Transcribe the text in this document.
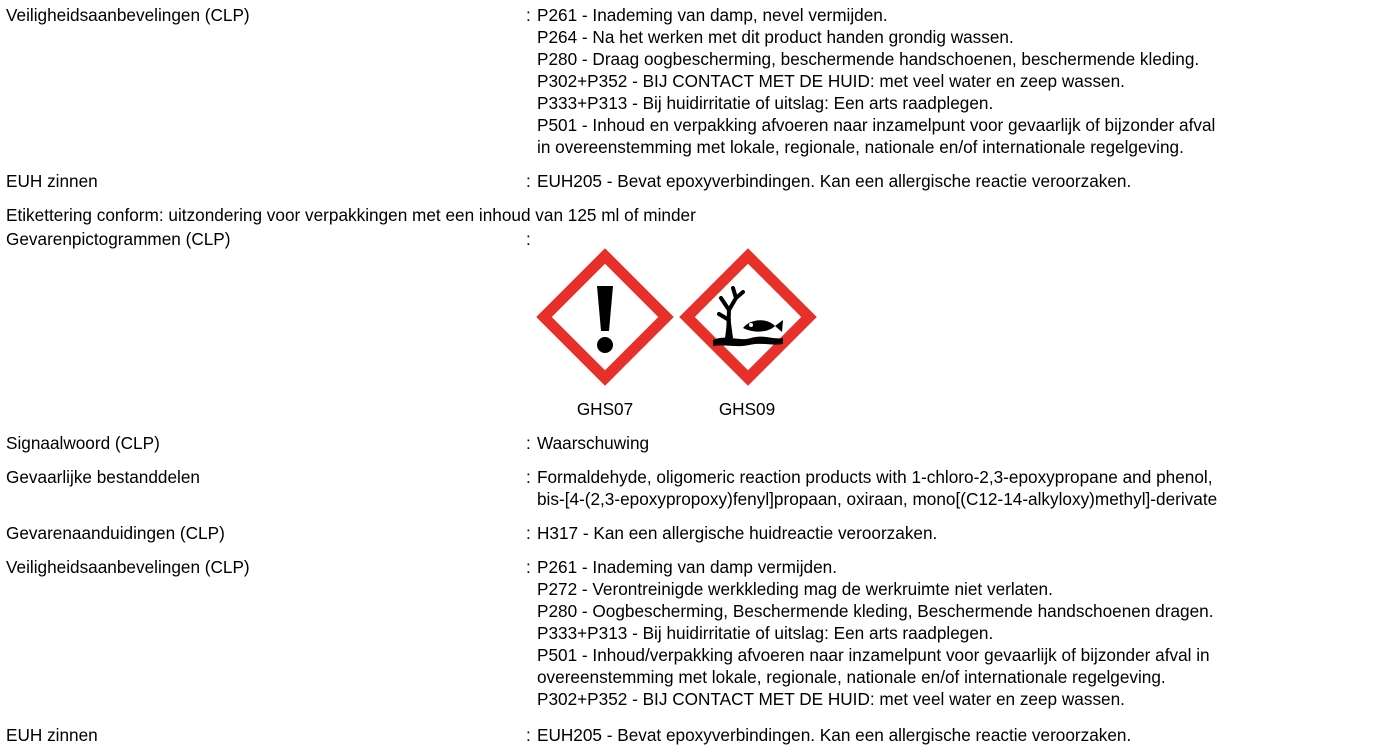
Veiligheidsaanbevelingen (CLP)	: P261 - Inademing van damp, nevel vermijden.
P264 - Na het werken met dit product handen grondig wassen.
P280 - Draag oogbescherming, beschermende handschoenen, beschermende kleding.
P302+P352 - BIJ CONTACT MET DE HUID: met veel water en zeep wassen.
P333+P313 - Bij huidirritatie of uitslag: Een arts raadplegen.
P501 - Inhoud en verpakking afvoeren naar inzamelpunt voor gevaarlijk of bijzonder afval
in overeenstemming met lokale, regionale, nationale en/of internationale regelgeving.
EUH zinnen	: EUH205 - Bevat epoxyverbindingen. Kan een allergische reactie veroorzaken.
Etikettering conform: uitzondering voor verpakkingen met een inhoud van 125 ml of minder
Gevarenpictogrammen (CLP)	:
GHS07	GHS09
Signaalwoord (CLP)	: Waarschuwing
Gevaarlijke bestanddelen	: Formaldehyde, oligomeric reaction products with 1-chloro-2,3-epoxypropane and phenol,
bis-[4-(2,3-epoxypropoxy)fenyl]propaan, oxiraan, mono[(C12-14-alkyloxy)methyl]-derivate
Gevarenaanduidingen (CLP)	: H317 - Kan een allergische huidreactie veroorzaken.
Veiligheidsaanbevelingen (CLP)	: P261 - Inademing van damp vermijden.
P272 - Verontreinigde werkkleding mag de werkruimte niet verlaten.
P280 - Oogbescherming, Beschermende kleding, Beschermende handschoenen dragen.
P333+P313 - Bij huidirritatie of uitslag: Een arts raadplegen.
P501 - Inhoud/verpakking afvoeren naar inzamelpunt voor gevaarlijk of bijzonder afval in
overeenstemming met lokale, regionale, nationale en/of internationale regelgeving.
P302+P352 - BIJ CONTACT MET DE HUID: met veel water en zeep wassen.
EUH zinnen	: EUH205 - Bevat epoxyverbindingen. Kan een allergische reactie veroorzaken.
